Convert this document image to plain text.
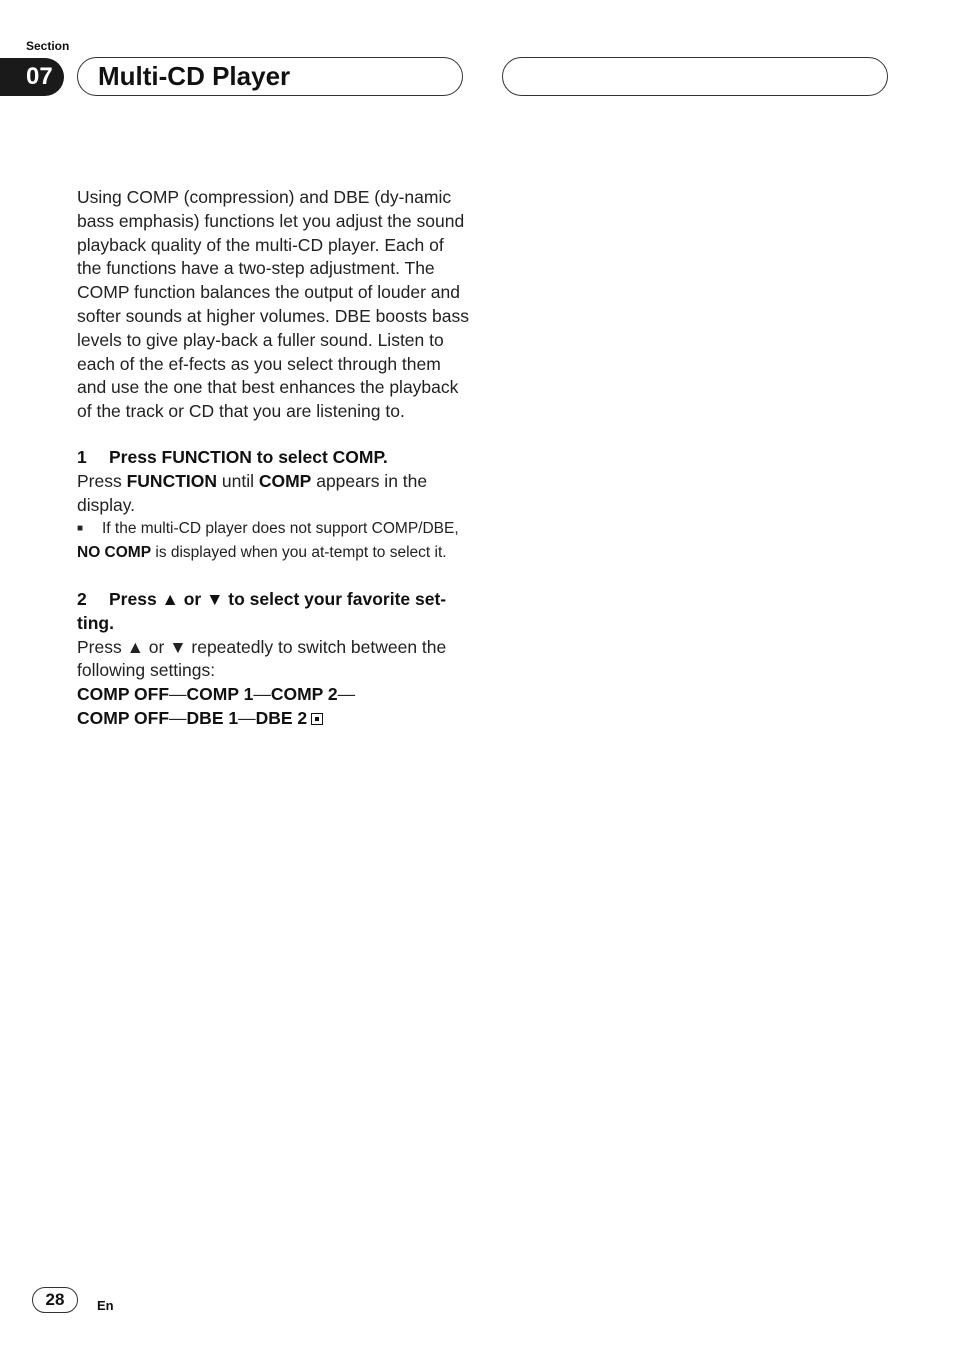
Section
07 Multi-CD Player

Using COMP (compression) and DBE (dy-namic bass emphasis) functions let you adjust the sound playback quality of the multi-CD player. Each of the functions have a two-step adjustment. The COMP function balances the output of louder and softer sounds at higher volumes. DBE boosts bass levels to give play-back a fuller sound. Listen to each of the ef-fects as you select through them and use the one that best enhances the playback of the track or CD that you are listening to.

1 Press FUNCTION to select COMP.

Press FUNCTION until COMP appears in the display.

■ If the multi-CD player does not support COMP/DBE, NO COMP is displayed when you at-tempt to select it.

2 Press ▲ or ▼ to select your favorite set-ting.

Press ▲ or ▼ repeatedly to switch between the following settings:

COMP OFF—COMP 1—COMP 2—

COMP OFF—DBE 1—DBE 2

28	En
